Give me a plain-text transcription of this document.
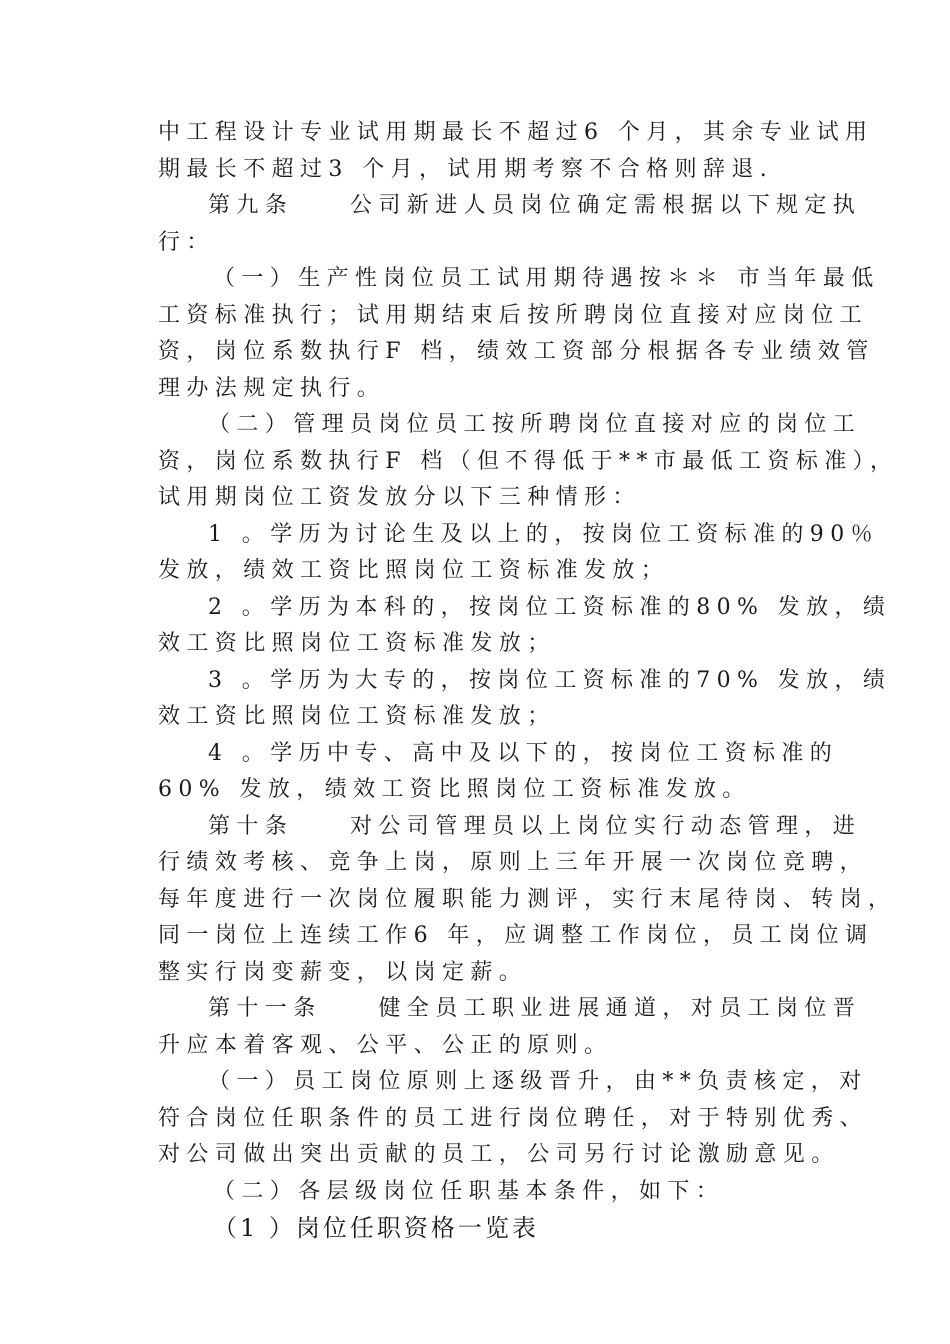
中工程设计专业试用期最长不超过6 个月，其余专业试用
期最长不超过3 个月，试用期考察不合格则辞退.
第九条　　公司新进人员岗位确定需根据以下规定执
行：
（一）生产性岗位员工试用期待遇按＊＊ 市当年最低
工资标准执行；试用期结束后按所聘岗位直接对应岗位工
资，岗位系数执行F 档，绩效工资部分根据各专业绩效管
理办法规定执行。
（二）管理员岗位员工按所聘岗位直接对应的岗位工
资，岗位系数执行F 档（但不得低于**市最低工资标准），
试用期岗位工资发放分以下三种情形：
1 。学历为讨论生及以上的，按岗位工资标准的90％
发放，绩效工资比照岗位工资标准发放；
2 。学历为本科的，按岗位工资标准的80% 发放，绩
效工资比照岗位工资标准发放；
3 。学历为大专的，按岗位工资标准的70% 发放，绩
效工资比照岗位工资标准发放；
4 。学历中专、高中及以下的，按岗位工资标准的
60% 发放，绩效工资比照岗位工资标准发放。
第十条　　对公司管理员以上岗位实行动态管理，进
行绩效考核、竞争上岗，原则上三年开展一次岗位竞聘，
每年度进行一次岗位履职能力测评，实行末尾待岗、转岗，
同一岗位上连续工作6 年，应调整工作岗位，员工岗位调
整实行岗变薪变，以岗定薪。
第十一条　　健全员工职业进展通道，对员工岗位晋
升应本着客观、公平、公正的原则。
（一）员工岗位原则上逐级晋升，由**负责核定，对
符合岗位任职条件的员工进行岗位聘任，对于特别优秀、
对公司做出突出贡献的员工，公司另行讨论激励意见。
（二）各层级岗位任职基本条件，如下：
（1 ）岗位任职资格一览表
